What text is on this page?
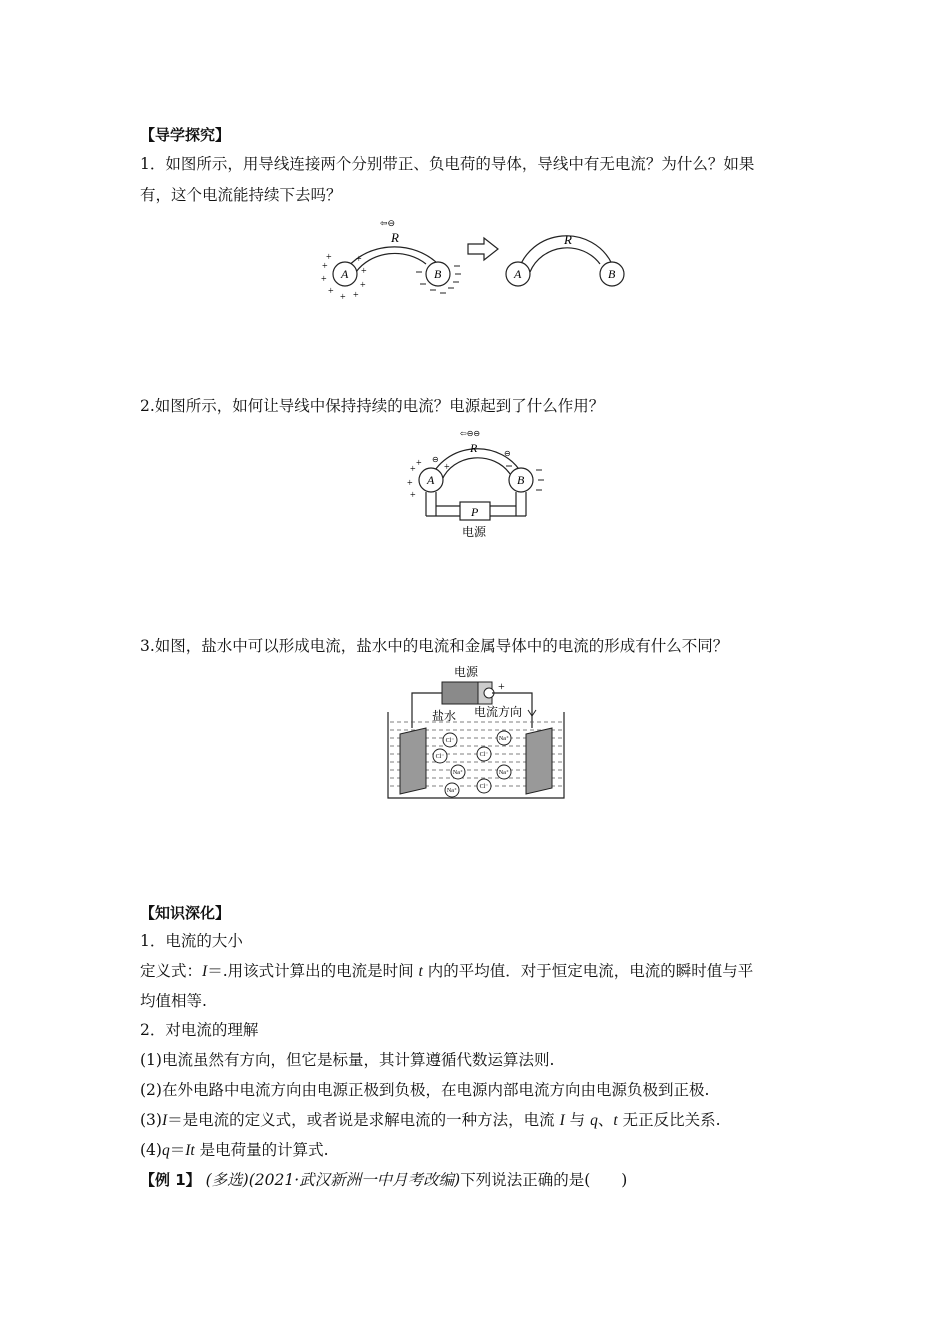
【导学探究】
1．如图所示，用导线连接两个分别带正、负电荷的导体，导线中有无电流？为什么？如果
有，这个电流能持续下去吗？
R
⇦⊖
A
+
+
+
+
+ +
+
+
+
B
R
A	B
2.如图所示，如何让导线中保持持续的电流？电源起到了什么作用？
⇦⊖⊖
R
⊖
⊖
A
+
+
+
+ +
B
P
电源
3.如图，盐水中可以形成电流，盐水中的电流和金属导体中的电流的形成有什么不同？
电源
+
盐水 电流方向
Cl⁻	Na⁺
Cl⁻	Cl⁻
Na⁺	Na⁺
Na⁺
Cl⁻
【知识深化】
1．电流的大小
定义式：I＝.用该式计算出的电流是时间 t 内的平均值．对于恒定电流，电流的瞬时值与平
均值相等.
2．对电流的理解
(1)电流虽然有方向，但它是标量，其计算遵循代数运算法则.
(2)在外电路中电流方向由电源正极到负极，在电源内部电流方向由电源负极到正极.
(3)I＝是电流的定义式，或者说是求解电流的一种方法，电流 I 与 q、t 无正反比关系.
(4)q＝It 是电荷量的计算式.
【例 1】 (多选)(2021·武汉新洲一中月考改编)下列说法正确的是(　　)
